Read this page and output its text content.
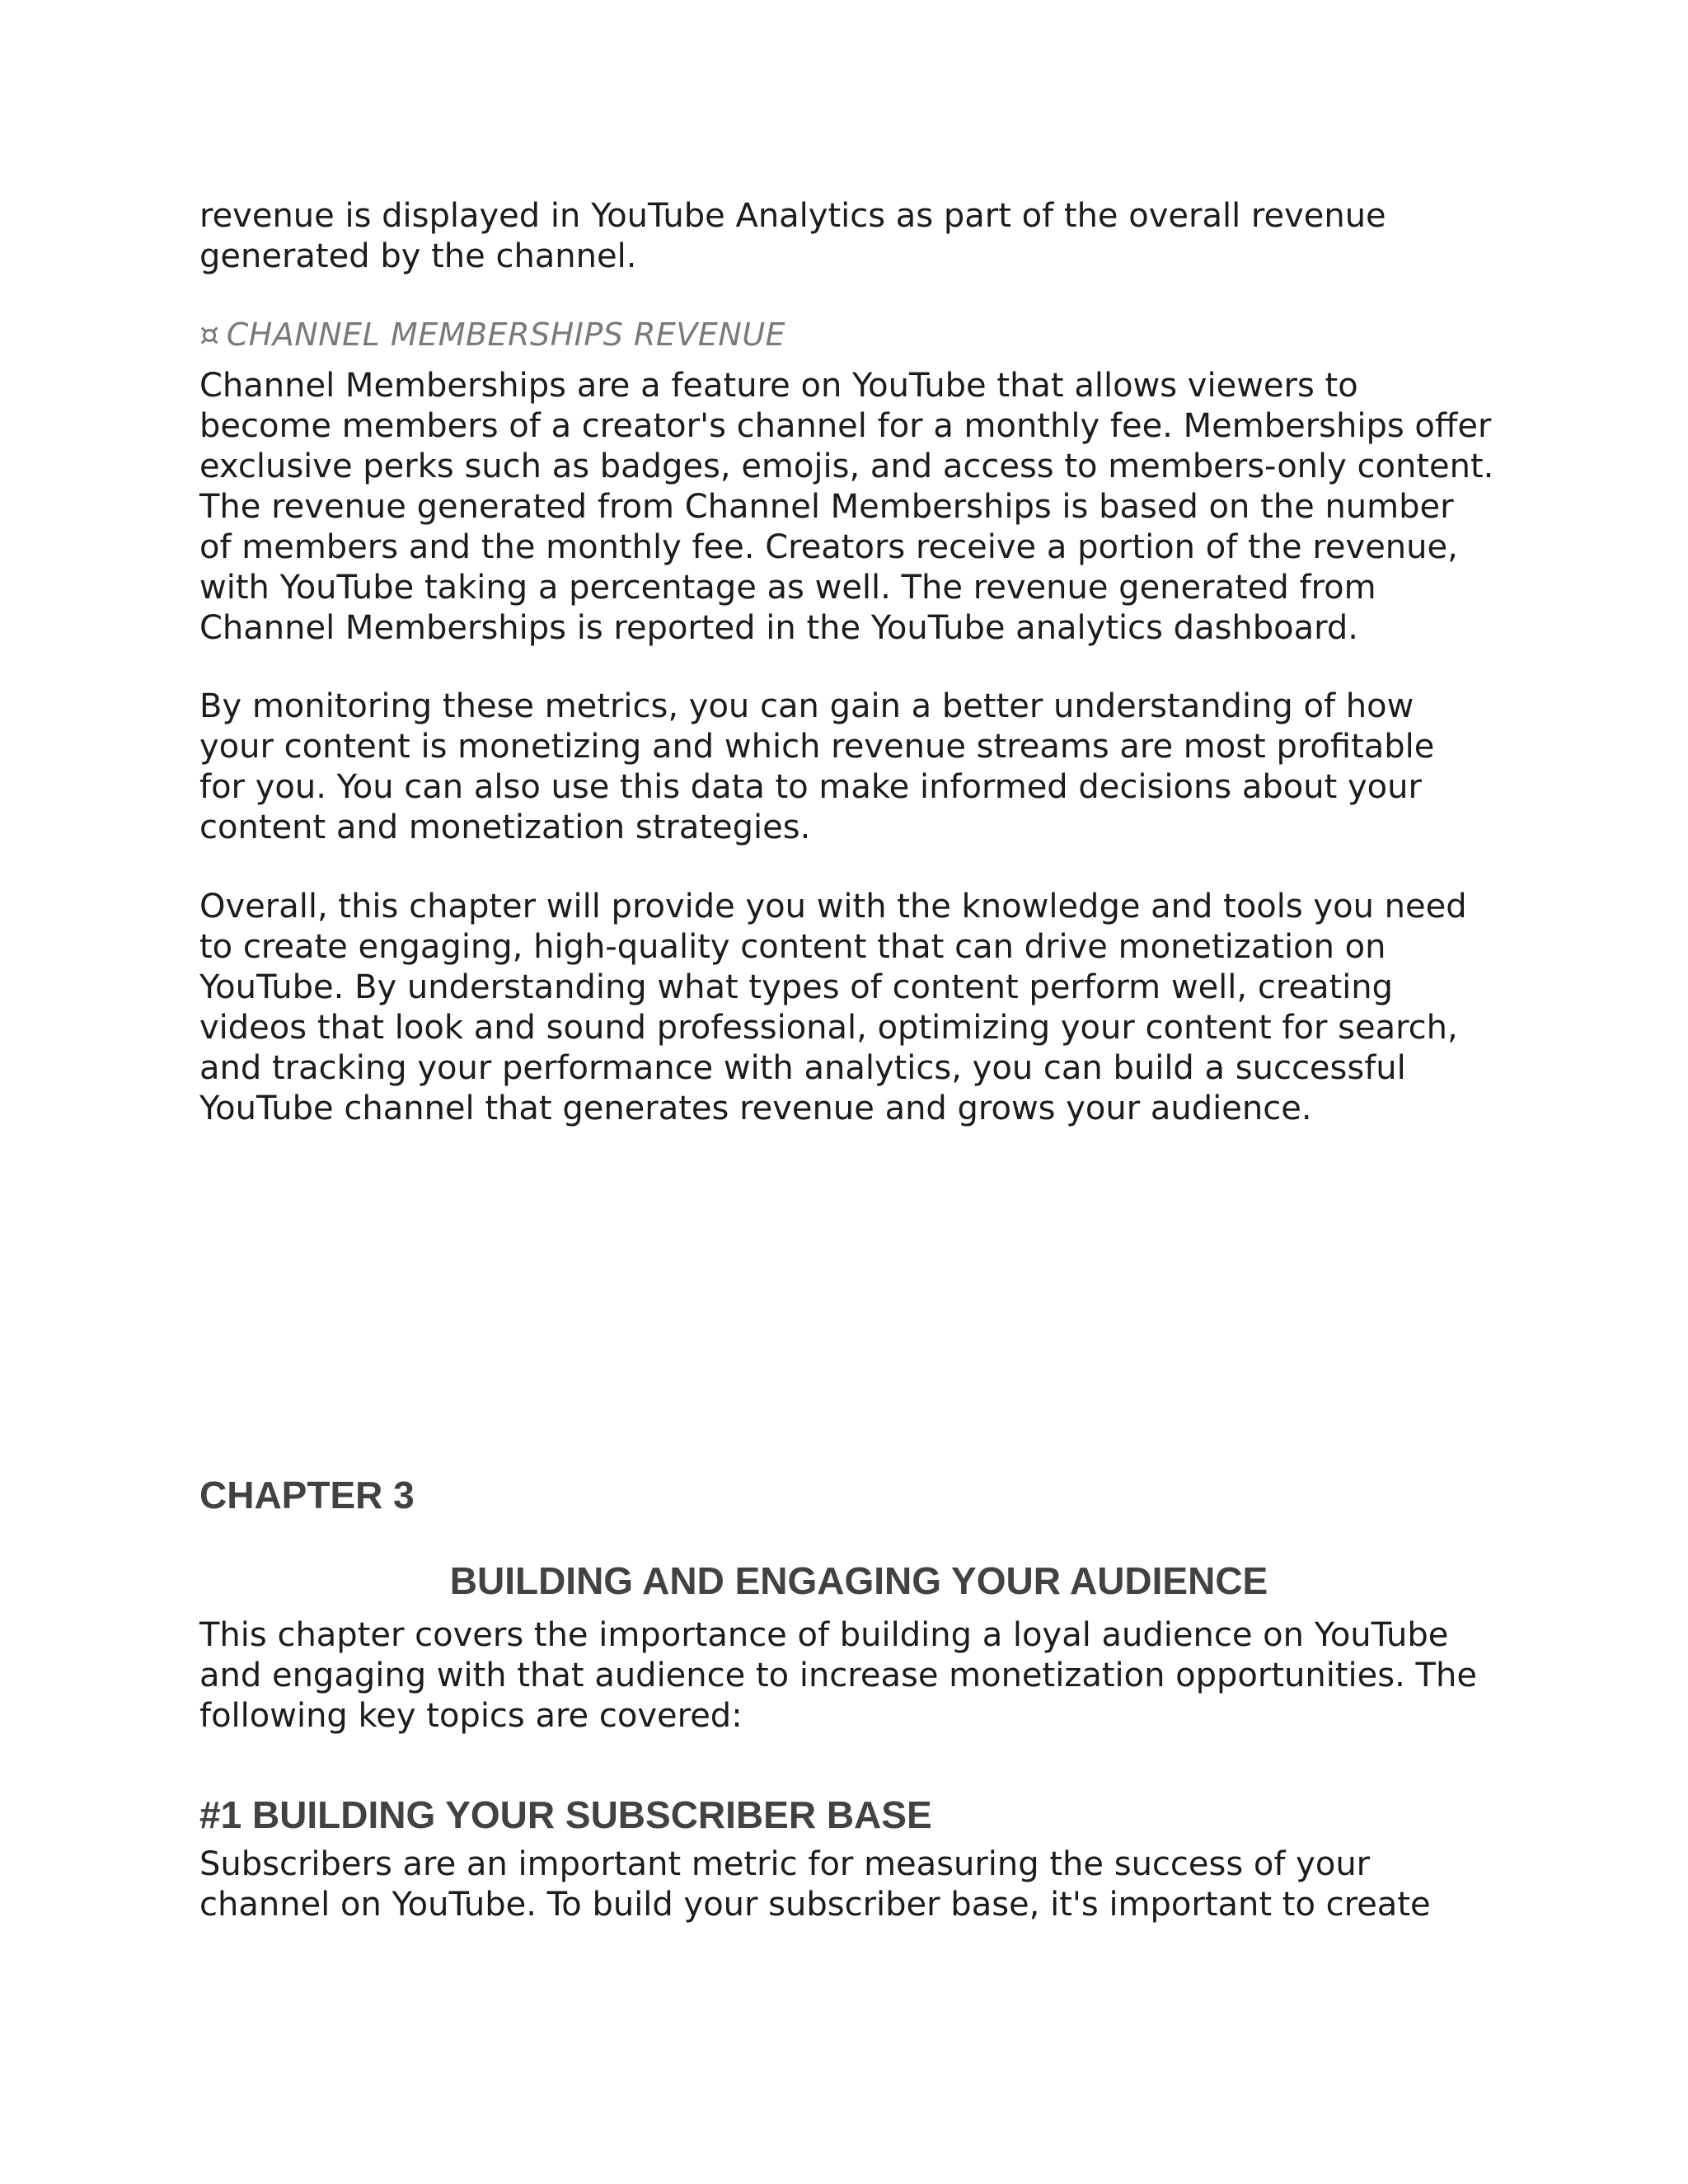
revenue is displayed in YouTube Analytics as part of the overall revenue
generated by the channel.

¤ CHANNEL MEMBERSHIPS REVENUE

Channel Memberships are a feature on YouTube that allows viewers to
become members of a creator's channel for a monthly fee. Memberships offer
exclusive perks such as badges, emojis, and access to members-only content.
The revenue generated from Channel Memberships is based on the number
of members and the monthly fee. Creators receive a portion of the revenue,
with YouTube taking a percentage as well. The revenue generated from
Channel Memberships is reported in the YouTube analytics dashboard.

By monitoring these metrics, you can gain a better understanding of how
your content is monetizing and which revenue streams are most profitable
for you. You can also use this data to make informed decisions about your
content and monetization strategies.

Overall, this chapter will provide you with the knowledge and tools you need
to create engaging, high-quality content that can drive monetization on
YouTube. By understanding what types of content perform well, creating
videos that look and sound professional, optimizing your content for search,
and tracking your performance with analytics, you can build a successful
YouTube channel that generates revenue and grows your audience.

CHAPTER 3
BUILDING AND ENGAGING YOUR AUDIENCE

This chapter covers the importance of building a loyal audience on YouTube
and engaging with that audience to increase monetization opportunities. The
following key topics are covered:

#1 BUILDING YOUR SUBSCRIBER BASE

Subscribers are an important metric for measuring the success of your
channel on YouTube. To build your subscriber base, it's important to create
